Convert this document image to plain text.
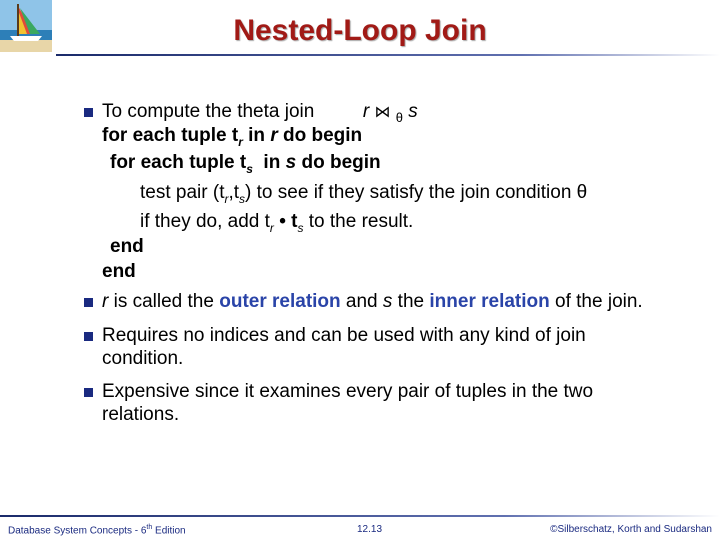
Nested-Loop Join
To compute the theta join	r ⋈ $_\theta$ s
for each tuple $t_r$ in r do begin
for each tuple $t_s$  in s do begin
test pair $(t_r,t_s)$ to see if they satisfy the join condition θ
if they do, add $t_r$ • $t_s$ to the result.
end
end
r is called the outer relation and s the inner relation of the join.
Requires no indices and can be used with any kind of join
condition.
Expensive since it examines every pair of tuples in the two
relations.
Database System Concepts - 6th Edition	12.13	©Silberschatz, Korth and Sudarshan
